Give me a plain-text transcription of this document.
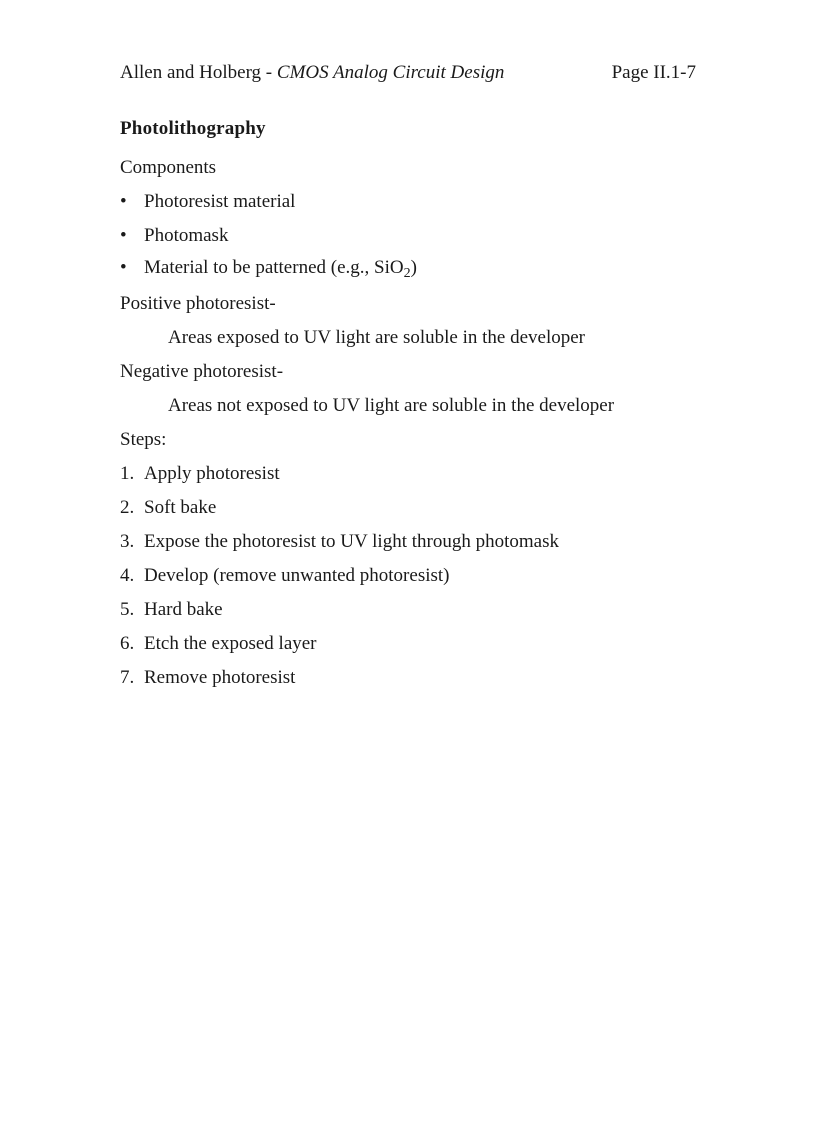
Allen and Holberg - CMOS Analog Circuit Design	Page II.1-7
Photolithography
Components
• Photoresist material
• Photomask
• Material to be patterned (e.g., SiO$_2$)
Positive photoresist-
Areas exposed to UV light are soluble in the developer
Negative photoresist-
Areas not exposed to UV light are soluble in the developer
Steps:
1. Apply photoresist
2. Soft bake
3. Expose the photoresist to UV light through photomask
4. Develop (remove unwanted photoresist)
5. Hard bake
6. Etch the exposed layer
7. Remove photoresist
